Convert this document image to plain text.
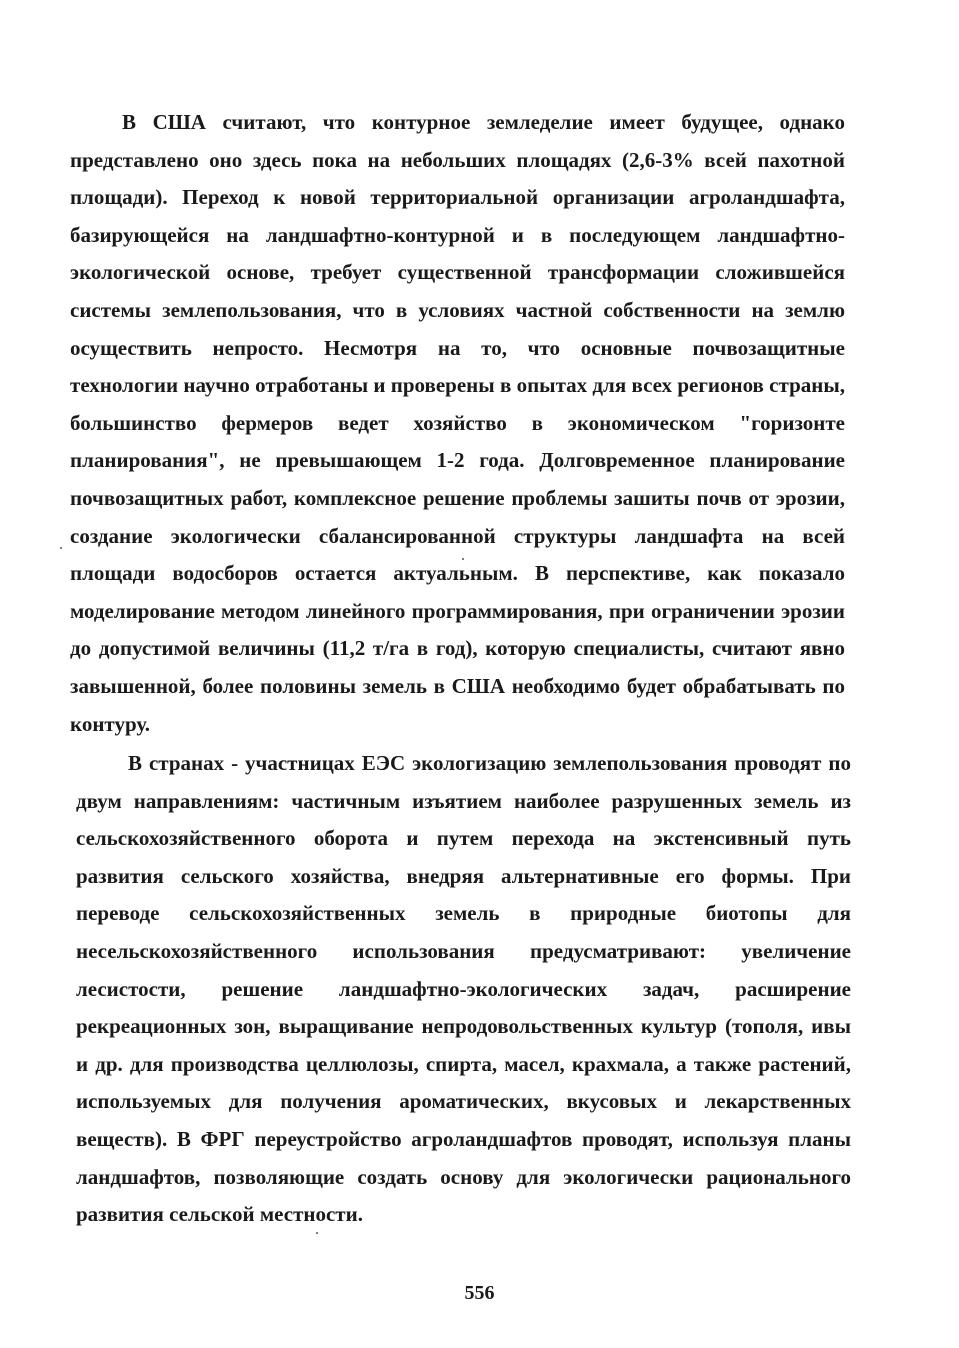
В США считают, что контурное земледелие имеет будущее, однако представлено оно здесь пока на небольших площадях (2,6-3% всей пахотной площади). Переход к новой территориальной организации агроландшафта, базирующейся на ландшафтно-контурной и в последующем ландшафтно-экологической основе, требует существенной трансформации сложившейся системы землепользования, что в условиях частной собственности на землю осуществить непросто. Несмотря на то, что основные почвозащитные технологии научно отработаны и проверены в опытах для всех регионов страны, большинство фермеров ведет хозяйство в экономическом "горизонте планирования", не превышающем 1-2 года. Долговременное планирование почвозащитных работ, комплексное решение проблемы зашиты почв от эрозии, создание экологически сбалансированной структуры ландшафта на всей площади водосборов остается актуальным. В перспективе, как показало моделирование методом линейного программирования, при ограничении эрозии до допустимой величины (11,2 т/га в год), которую специалисты, считают явно завышенной, более половины земель в США необходимо будет обрабатывать по контуру.

В странах - участницах ЕЭС экологизацию землепользования проводят по двум направлениям: частичным изъятием наиболее разрушенных земель из сельскохозяйственного оборота и путем перехода на экстенсивный путь развития сельского хозяйства, внедряя альтернативные его формы. При переводе сельскохозяйственных земель в природные биотопы для несельскохозяйственного использования предусматривают: увеличение лесистости, решение ландшафтно-экологических задач, расширение рекреационных зон, выращивание непродовольственных культур (тополя, ивы и др. для производства целлюлозы, спирта, масел, крахмала, а также растений, используемых для получения ароматических, вкусовых и лекарственных веществ). В ФРГ переустройство агроландшафтов проводят, используя планы ландшафтов, позволяющие создать основу для экологически рационального развития сельской местности.

556
